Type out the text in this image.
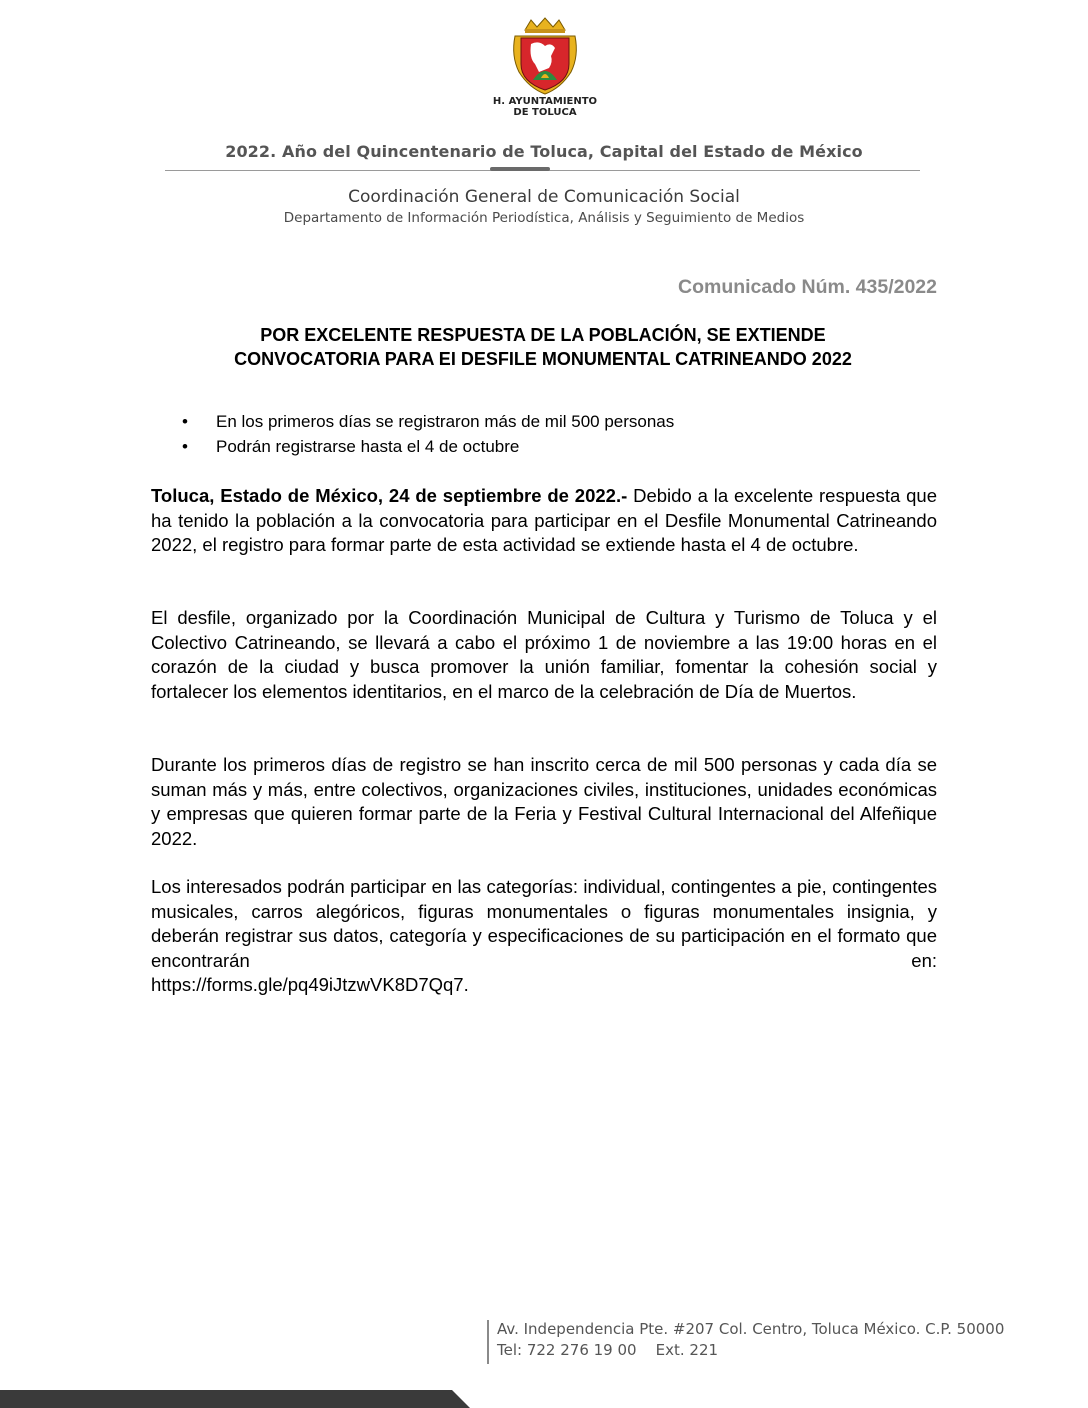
H. AYUNTAMIENTO
DE TOLUCA
2022. Año del Quincentenario de Toluca, Capital del Estado de México
Coordinación General de Comunicación Social
Departamento de Información Periodística, Análisis y Seguimiento de Medios
Comunicado Núm. 435/2022
POR EXCELENTE RESPUESTA DE LA POBLACIÓN, SE EXTIENDE
CONVOCATORIA PARA EI DESFILE MONUMENTAL CATRINEANDO 2022
• En los primeros días se registraron más de mil 500 personas
• Podrán registrarse hasta el 4 de octubre

Toluca, Estado de México, 24 de septiembre de 2022.- Debido a la excelente respuesta que ha tenido la población a la convocatoria para participar en el Desfile Monumental Catrineando 2022, el registro para formar parte de esta actividad se extiende hasta el 4 de octubre.

El desfile, organizado por la Coordinación Municipal de Cultura y Turismo de Toluca y el Colectivo Catrineando, se llevará a cabo el próximo 1 de noviembre a las 19:00 horas en el corazón de la ciudad y busca promover la unión familiar, fomentar la cohesión social y fortalecer los elementos identitarios, en el marco de la celebración de Día de Muertos.

Durante los primeros días de registro se han inscrito cerca de mil 500 personas y cada día se suman más y más, entre colectivos, organizaciones civiles, instituciones, unidades económicas y empresas que quieren formar parte de la Feria y Festival Cultural Internacional del Alfeñique 2022.

Los interesados podrán participar en las categorías: individual, contingentes a pie, contingentes musicales, carros alegóricos, figuras monumentales o figuras monumentales insignia, y deberán registrar sus datos, categoría y especificaciones de su participación en el formato que encontrarán en:
https://forms.gle/pq49iJtzwVK8D7Qq7.

Av. Independencia Pte. #207 Col. Centro, Toluca México. C.P. 50000
Tel: 722 276 19 00    Ext. 221
